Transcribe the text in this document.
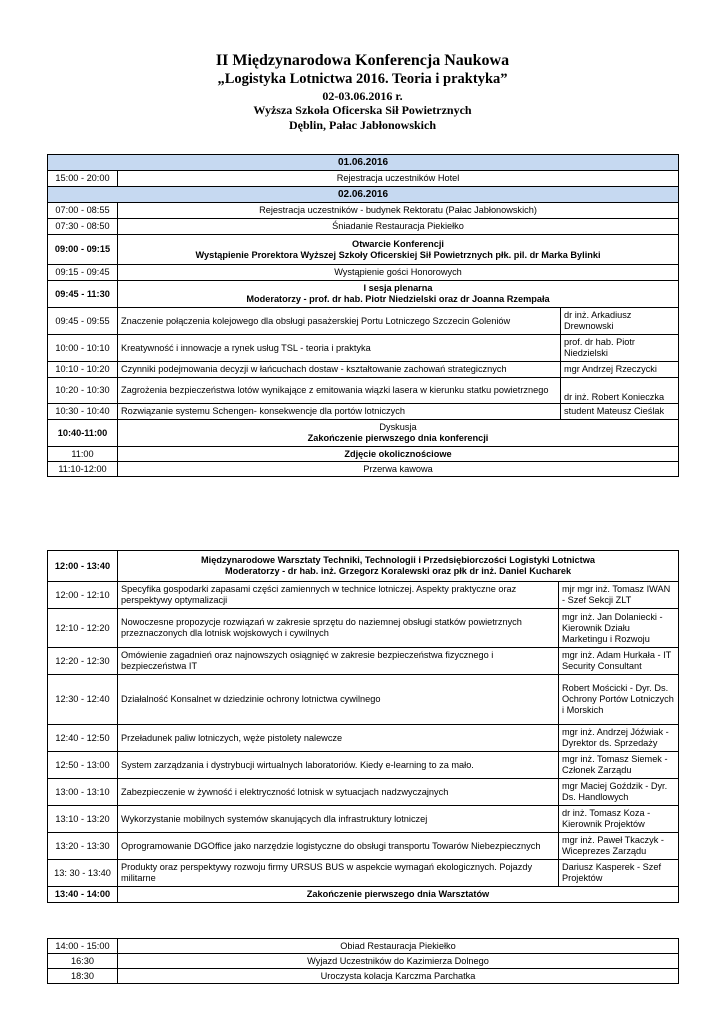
II Międzynarodowa Konferencja Naukowa
„Logistyka Lotnictwa 2016. Teoria i praktyka”
02-03.06.2016 r.
Wyższa Szkoła Oficerska Sił Powietrznych
Dęblin, Pałac Jabłonowskich
01.06.2016		
15:00 - 20:00	Rejestracja uczestników Hotel	
02.06.2016		
07:00 - 08:55	Rejestracja uczestników - budynek Rektoratu (Pałac Jabłonowskich)	
07:30 - 08:50	Śniadanie Restauracja Piekiełko	
09:00 - 09:15	Otwarcie Konferencji
Wystąpienie Prorektora Wyższej Szkoły Oficerskiej Sił Powietrznych płk. pil. dr Marka Bylinki	

09:15 - 09:45	Wystąpienie gości Honorowych	
09:45 - 11:30	I sesja plenarna
Moderatorzy - prof. dr hab. Piotr Niedzielski oraz dr Joanna Rzempała	

09:45 - 09:55	Znaczenie połączenia kolejowego dla obsługi pasażerskiej Portu Lotniczego Szczecin Goleniów	dr inż. Arkadiusz Drewnowski
10:00 - 10:10	Kreatywność i innowacje a rynek usług TSL - teoria i praktyka	prof. dr hab. Piotr Niedzielski
10:10 - 10:20	Czynniki podejmowania decyzji w łańcuchach dostaw - kształtowanie zachowań strategicznych	mgr Andrzej Rzeczycki
10:20 - 10:30	Zagrożenia bezpieczeństwa lotów wynikające z emitowania wiązki lasera w kierunku statku powietrznego	dr inż. Robert Konieczka
10:30 - 10:40	Rozwiązanie systemu Schengen- konsekwencje dla portów lotniczych	student Mateusz Cieślak
10:40-11:00	Dyskusja
Zakończenie pierwszego dnia konferencji	

11:00	Zdjęcie okolicznościowe	
11:10-12:00	Przerwa kawowa	
12:00 - 13:40	Międzynarodowe Warsztaty Techniki, Technologii i Przedsiębiorczości Logistyki Lotnictwa
Moderatorzy - dr hab. inż. Grzegorz Koralewski oraz płk dr inż. Daniel Kucharek	

12:00 - 12:10	Specyfika gospodarki zapasami części zamiennych w technice lotniczej. Aspekty praktyczne oraz perspektywy optymalizacji	mjr mgr inż. Tomasz IWAN - Szef Sekcji ZLT
12:10 - 12:20	Nowoczesne propozycje rozwiązań w zakresie sprzętu do naziemnej obsługi statków powietrznych przeznaczonych dla lotnisk wojskowych i cywilnych	mgr inż. Jan Dolaniecki - Kierownik Działu Marketingu i Rozwoju
12:20 - 12:30	Omówienie zagadnień oraz najnowszych osiągnięć w zakresie bezpieczeństwa fizycznego i bezpieczeństwa IT	mgr inż. Adam Hurkała - IT Security Consultant
12:30 - 12:40	Działalność Konsalnet w dziedzinie ochrony lotnictwa cywilnego	Robert Mościcki - Dyr. Ds. Ochrony Portów Lotniczych i Morskich
12:40 - 12:50	Przeładunek paliw lotniczych, węże pistolety nalewcze	mgr inż. Andrzej Jóźwiak - Dyrektor ds. Sprzedaży
12:50 - 13:00	System zarządzania i dystrybucji wirtualnych laboratoriów. Kiedy e-learning to za mało.	mgr inż. Tomasz Siemek - Członek Zarządu
13:00 - 13:10	Zabezpieczenie w żywność i elektryczność lotnisk w sytuacjach nadzwyczajnych	mgr Maciej Goździk - Dyr. Ds. Handlowych
13:10 - 13:20	Wykorzystanie mobilnych systemów skanujących dla infrastruktury lotniczej	dr inż. Tomasz Koza - Kierownik Projektów
13:20 - 13:30	Oprogramowanie DGOffice jako narzędzie logistyczne do obsługi transportu Towarów Niebezpiecznych	mgr inż. Paweł Tkaczyk - Wiceprezes Zarządu
13: 30 - 13:40	Produkty oraz perspektywy rozwoju firmy URSUS BUS w aspekcie wymagań ekologicznych. Pojazdy militarne	Dariusz Kasperek - Szef Projektów
13:40 - 14:00	Zakończenie pierwszego dnia Warsztatów	
14:00 - 15:00	Obiad Restauracja Piekiełko
16:30	Wyjazd Uczestników do Kazimierza Dolnego
18:30	Uroczysta kolacja Karczma Parchatka
